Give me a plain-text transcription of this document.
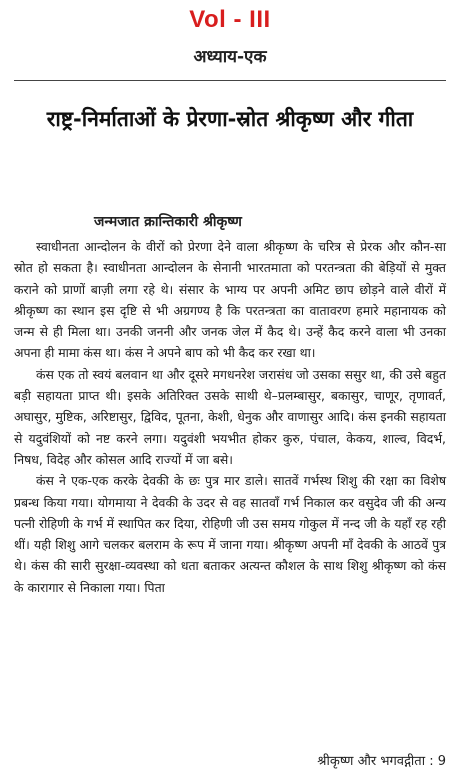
Vol - III
अध्याय-एक
राष्ट्र-निर्माताओं के प्रेरणा-स्रोत श्रीकृष्ण और गीता
जन्मजात क्रान्तिकारी श्रीकृष्ण

स्वाधीनता आन्दोलन के वीरों को प्रेरणा देने वाला श्रीकृष्ण के चरित्र से प्रेरक और कौन-सा स्रोत हो सकता है। स्वाधीनता आन्दोलन के सेनानी भारतमाता को परतन्त्रता की बेड़ियों से मुक्त कराने को प्राणों बाज़ी लगा रहे थे। संसार के भाग्य पर अपनी अमिट छाप छोड़ने वाले वीरों में श्रीकृष्ण का स्थान इस दृष्टि से भी अग्रगण्य है कि परतन्त्रता का वातावरण हमारे महानायक को जन्म से ही मिला था। उनकी जननी और जनक जेल में कैद थे। उन्हें कैद करने वाला भी उनका अपना ही मामा कंस था। कंस ने अपने बाप को भी कैद कर रखा था।

कंस एक तो स्वयं बलवान था और दूसरे मगधनरेश जरासंध जो उसका ससुर था, की उसे बहुत बड़ी सहायता प्राप्त थी। इसके अतिरिक्त उसके साथी थे–प्रलम्बासुर, बकासुर, चाणूर, तृणावर्त, अघासुर, मुष्टिक, अरिष्टासुर, द्विविद, पूतना, केशी, धेनुक और वाणासुर आदि। कंस इनकी सहायता से यदुवंशियों को नष्ट करने लगा। यदुवंशी भयभीत होकर कुरु, पंचाल, केकय, शाल्व, विदर्भ, निषध, विदेह और कोसल आदि राज्यों में जा बसे।

कंस ने एक-एक करके देवकी के छः पुत्र मार डाले। सातवें गर्भस्थ शिशु की रक्षा का विशेष प्रबन्ध किया गया। योगमाया ने देवकी के उदर से वह सातवाँ गर्भ निकाल कर वसुदेव जी की अन्य पत्नी रोहिणी के गर्भ में स्थापित कर दिया, रोहिणी जी उस समय गोकुल में नन्द जी के यहाँ रह रही थीं। यही शिशु आगे चलकर बलराम के रूप में जाना गया। श्रीकृष्ण अपनी माँ देवकी के आठवें पुत्र थे। कंस की सारी सुरक्षा-व्यवस्था को धता बताकर अत्यन्त कौशल के साथ शिशु श्रीकृष्ण को कंस के कारागार से निकाला गया। पिता

श्रीकृष्ण और भगवद्गीता : 9
